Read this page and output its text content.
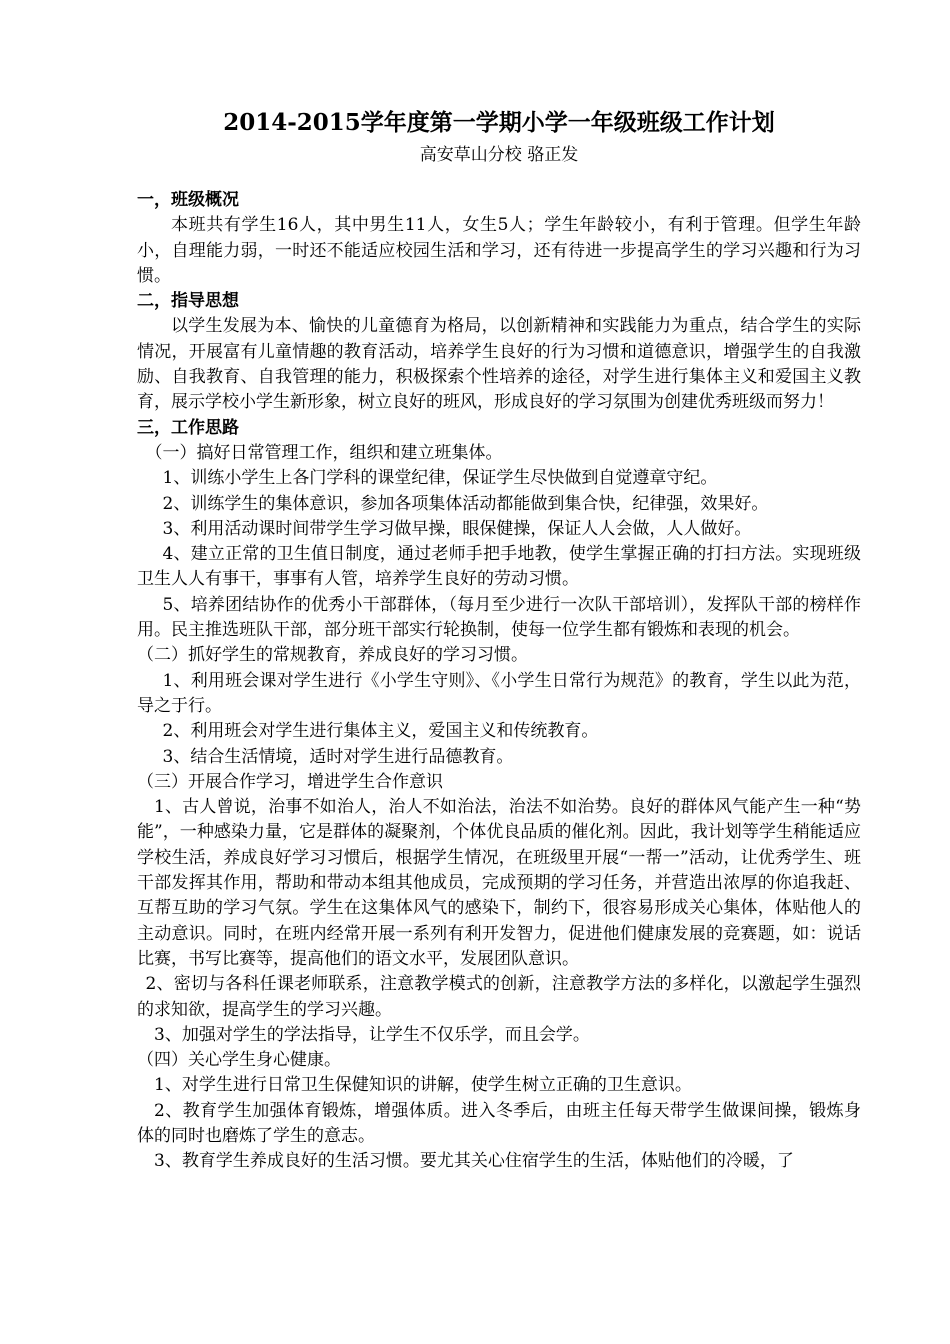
2014-2015学年度第一学期小学一年级班级工作计划
高安草山分校 骆正发
一，班级概况

本班共有学生16人，其中男生11人，女生5人；学生年龄较小，有利于管理。但学生年龄小，自理能力弱，一时还不能适应校园生活和学习，还有待进一步提高学生的学习兴趣和行为习惯。

二，指导思想

以学生发展为本、愉快的儿童德育为格局，以创新精神和实践能力为重点，结合学生的实际情况，开展富有儿童情趣的教育活动，培养学生良好的行为习惯和道德意识，增强学生的自我激励、自我教育、自我管理的能力，积极探索个性培养的途径，对学生进行集体主义和爱国主义教育，展示学校小学生新形象，树立良好的班风，形成良好的学习氛围为创建优秀班级而努力！

三，工作思路

（一）搞好日常管理工作，组织和建立班集体。

1、训练小学生上各门学科的课堂纪律，保证学生尽快做到自觉遵章守纪。

2、训练学生的集体意识，参加各项集体活动都能做到集合快，纪律强，效果好。

3、利用活动课时间带学生学习做早操，眼保健操，保证人人会做，人人做好。

4、建立正常的卫生值日制度，通过老师手把手地教，使学生掌握正确的打扫方法。实现班级卫生人人有事干，事事有人管，培养学生良好的劳动习惯。

5、培养团结协作的优秀小干部群体，（每月至少进行一次队干部培训），发挥队干部的榜样作用。民主推选班队干部，部分班干部实行轮换制，使每一位学生都有锻炼和表现的机会。

（二）抓好学生的常规教育，养成良好的学习习惯。

1、利用班会课对学生进行《小学生守则》、《小学生日常行为规范》的教育，学生以此为范，导之于行。

2、利用班会对学生进行集体主义，爱国主义和传统教育。

3、结合生活情境，适时对学生进行品德教育。

（三）开展合作学习，增进学生合作意识

1、古人曾说，治事不如治人，治人不如治法，治法不如治势。良好的群体风气能产生一种“势能”，一种感染力量，它是群体的凝聚剂，个体优良品质的催化剂。因此，我计划等学生稍能适应学校生活，养成良好学习习惯后，根据学生情况，在班级里开展“一帮一”活动，让优秀学生、班干部发挥其作用，帮助和带动本组其他成员，完成预期的学习任务，并营造出浓厚的你追我赶、互帮互助的学习气氛。学生在这集体风气的感染下，制约下，很容易形成关心集体，体贴他人的主动意识。同时，在班内经常开展一系列有利开发智力，促进他们健康发展的竞赛题，如：说话比赛，书写比赛等，提高他们的语文水平，发展团队意识。

2、密切与各科任课老师联系，注意教学模式的创新，注意教学方法的多样化，以激起学生强烈的求知欲，提高学生的学习兴趣。

3、加强对学生的学法指导，让学生不仅乐学，而且会学。

（四）关心学生身心健康。

1、对学生进行日常卫生保健知识的讲解，使学生树立正确的卫生意识。

2、教育学生加强体育锻炼，增强体质。进入冬季后，由班主任每天带学生做课间操，锻炼身体的同时也磨炼了学生的意志。

3、教育学生养成良好的生活习惯。要尤其关心住宿学生的生活，体贴他们的冷暖，了
